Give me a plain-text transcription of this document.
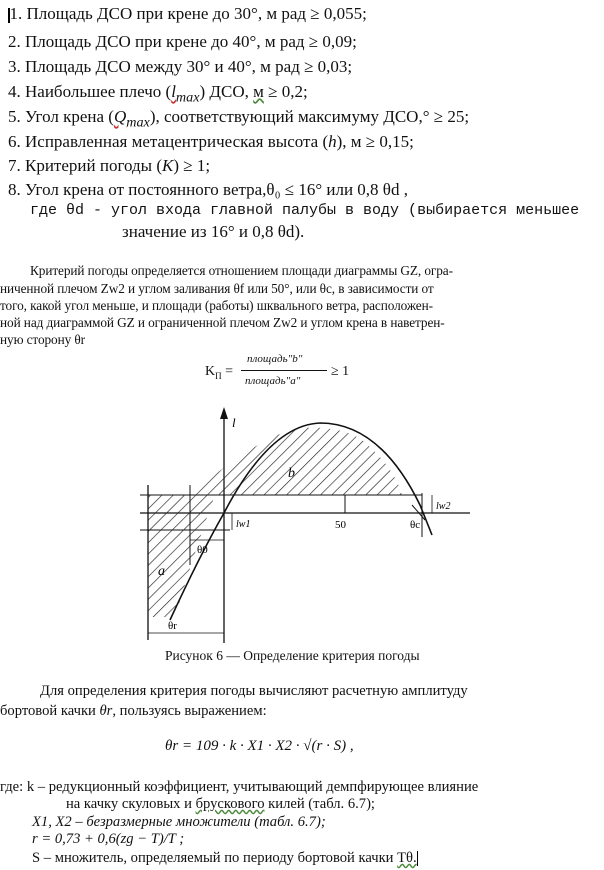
1. Площадь ДСО при крене до 30°, м рад ≥ 0,055;
2. Площадь ДСО при крене до 40°, м рад ≥ 0,09;
3. Площадь ДСО между 30° и 40°, м рад ≥ 0,03;
4. Наибольшее плечо $(l_{max})$ ДСО, м ≥ 0,2;
5. Угол крена $(Q_{max})$, соответствующий максимуму ДСО,° ≥ 25;
6. Исправленная метацентрическая высота (h), м ≥ 0,15;
7. Критерий погоды (K) ≥ 1;
8. Угол крена от постоянного ветра,θ₀ ≤ 16° или 0,8 θd ,
где θd - угол входа главной палубы в воду (выбирается меньшее
значение из 16° и 0,8 θd).
Критерий погоды определяется отношением площади диаграммы GZ, огра-
ниченной плечом Zw2 и углом заливания θf или 50°, или θc, в зависимости от
того, какой угол меньше, и площади (работы) шквального ветра, расположен-
ной над диаграммой GZ и ограниченной плечом Zw2 и углом крена в наветрен-
ную сторону θr
$K_П$ =
площадь"b"
площадь"a"
≥ 1
l
b
a
lw1
lw2
θ0
θr
50	θc
Рисунок 6 — Определение критерия погоды
Для определения критерия погоды вычисляют расчетную амплитуду
бортовой качки θr, пользуясь выражением:
θr = 109 · k · X1 · X2 · √(r · S) ,
где: k – редукционный коэффициент, учитывающий демпфирующее влияние
на качку скуловых и брускового килей (табл. 6.7);
X1, X2 – безразмерные множители (табл. 6.7);
r = 0,73 + 0,6(zg − T)/T ;
S – множитель, определяемый по периоду бортовой качки Tθ.
